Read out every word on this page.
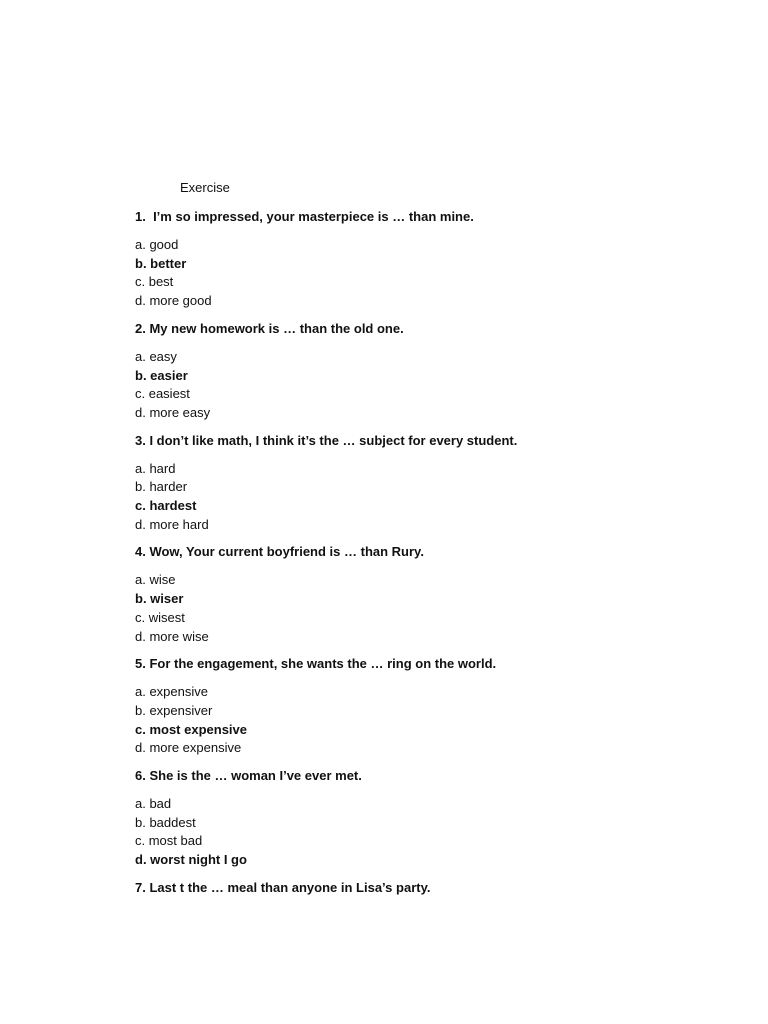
Exercise
1.  I’m so impressed, your masterpiece is … than mine.
a. good
b. better
c. best
d. more good
2. My new homework is … than the old one.
a. easy
b. easier
c. easiest
d. more easy
3. I don’t like math, I think it’s the … subject for every student.
a. hard
b. harder
c. hardest
d. more hard
4. Wow, Your current boyfriend is … than Rury.
a. wise
b. wiser
c. wisest
d. more wise
5. For the engagement, she wants the … ring on the world.
a. expensive
b. expensiver
c. most expensive
d. more expensive
6. She is the … woman I’ve ever met.
a. bad
b. baddest
c. most bad
d. worst night I go
7. Last t the … meal than anyone in Lisa’s party.
